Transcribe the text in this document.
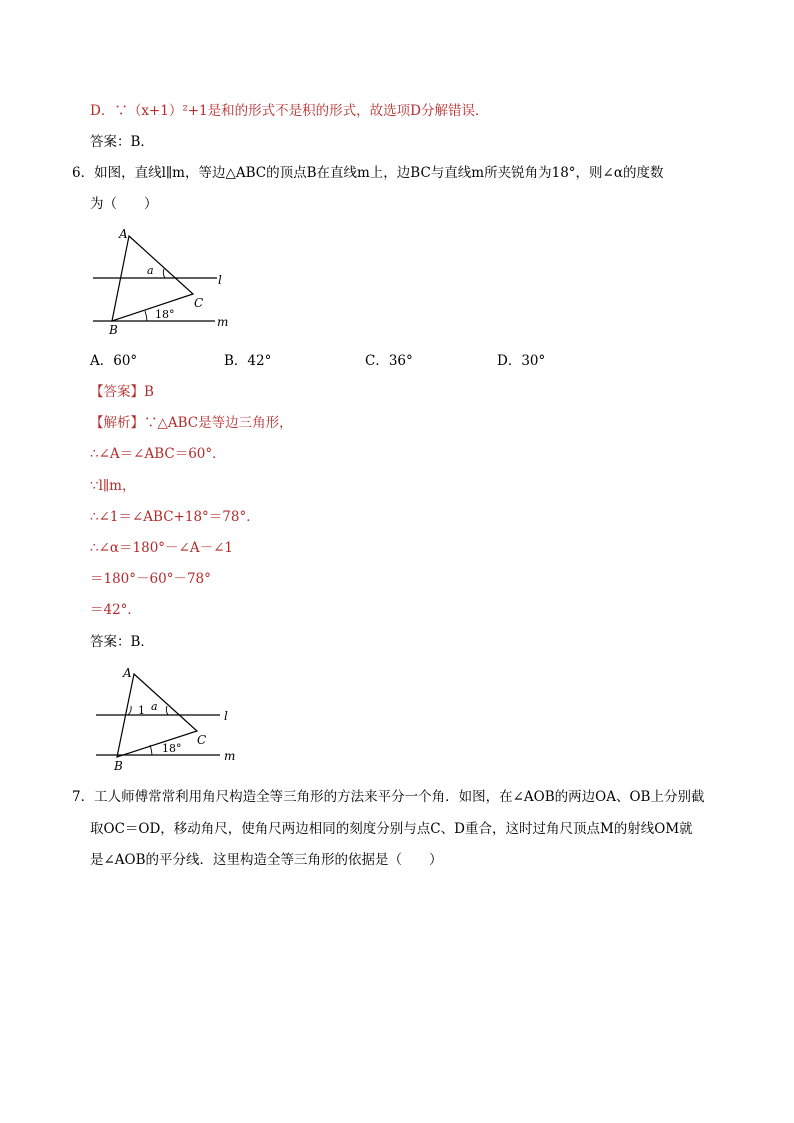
D．∵（x+1）²+1是和的形式不是积的形式，故选项D分解错误．
答案：B．
6．如图，直线l∥m，等边△ABC的顶点B在直线m上，边BC与直线m所夹锐角为18°，则∠α的度数
为（　　）
A
a
l
C
B
18°
m
A．60°	B．42°	C．36°	D．30°
【答案】B
【解析】∵△ABC是等边三角形，
∴∠A＝∠ABC＝60°．
∵l∥m，
∴∠1＝∠ABC+18°＝78°．
∴∠α＝180°－∠A－∠1
＝180°－60°－78°
＝42°．
答案：B．
A
1 a
l
C
B
18°
m
7．工人师傅常常利用角尺构造全等三角形的方法来平分一个角．如图，在∠AOB的两边OA、OB上分别截
取OC＝OD，移动角尺，使角尺两边相同的刻度分别与点C、D重合，这时过角尺顶点M的射线OM就
是∠AOB的平分线．这里构造全等三角形的依据是（　　）
